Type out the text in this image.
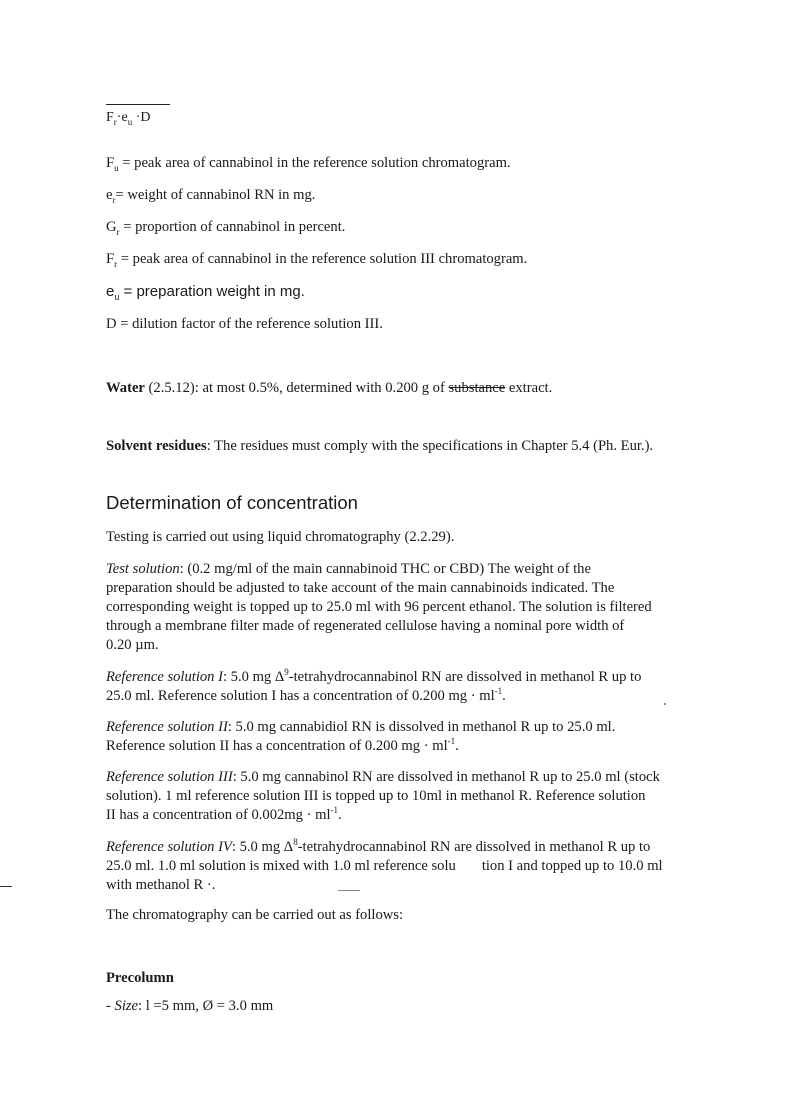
$F_r\cdot e_u \cdot D$
$F_u$ = peak area of cannabinol in the reference solution chromatogram.
$e_r=$ weight of cannabinol RN in mg.
$G_r$ = proportion of cannabinol in percent.
$F_r$ = peak area of cannabinol in the reference solution III chromatogram.
$e_u$ = preparation weight in mg.
D = dilution factor of the reference solution III.
Water (2.5.12): at most 0.5%, determined with 0.200 g of substance extract.
Solvent residues: The residues must comply with the specifications in Chapter 5.4 (Ph. Eur.).
Determination of concentration
Testing is carried out using liquid chromatography (2.2.29).
Test solution: (0.2 mg/ml of the main cannabinoid THC or CBD) The weight of the
preparation should be adjusted to take account of the main cannabinoids indicated. The
corresponding weight is topped up to 25.0 ml with 96 percent ethanol. The solution is filtered
through a membrane filter made of regenerated cellulose having a nominal pore width of
0.20 µm.
Reference solution I: 5.0 mg $\Delta^9$-tetrahydrocannabinol RN are dissolved in methanol R up to
25.0 ml. Reference solution I has a concentration of 0.200 mg · $ml^{-1}$.
Reference solution II: 5.0 mg cannabidiol RN is dissolved in methanol R up to 25.0 ml.
Reference solution II has a concentration of 0.200 mg · $ml^{-1}$.
Reference solution III: 5.0 mg cannabinol RN are dissolved in methanol R up to 25.0 ml (stock
solution). 1 ml reference solution III is topped up to 10ml in methanol R. Reference solution
II has a concentration of $0.002mg \cdot ml^{-1}$.
Reference solution IV: 5.0 mg $\Delta^8$-tetrahydrocannabinol RN are dissolved in methanol R up to
25.0 ml. 1.0 ml solution is mixed with 1.0 ml reference solu tion I and topped up to 10.0 ml
with methanol R ·.
The chromatography can be carried out as follows:
Precolumn
- Size: l =5 mm, Ø = 3.0 mm
